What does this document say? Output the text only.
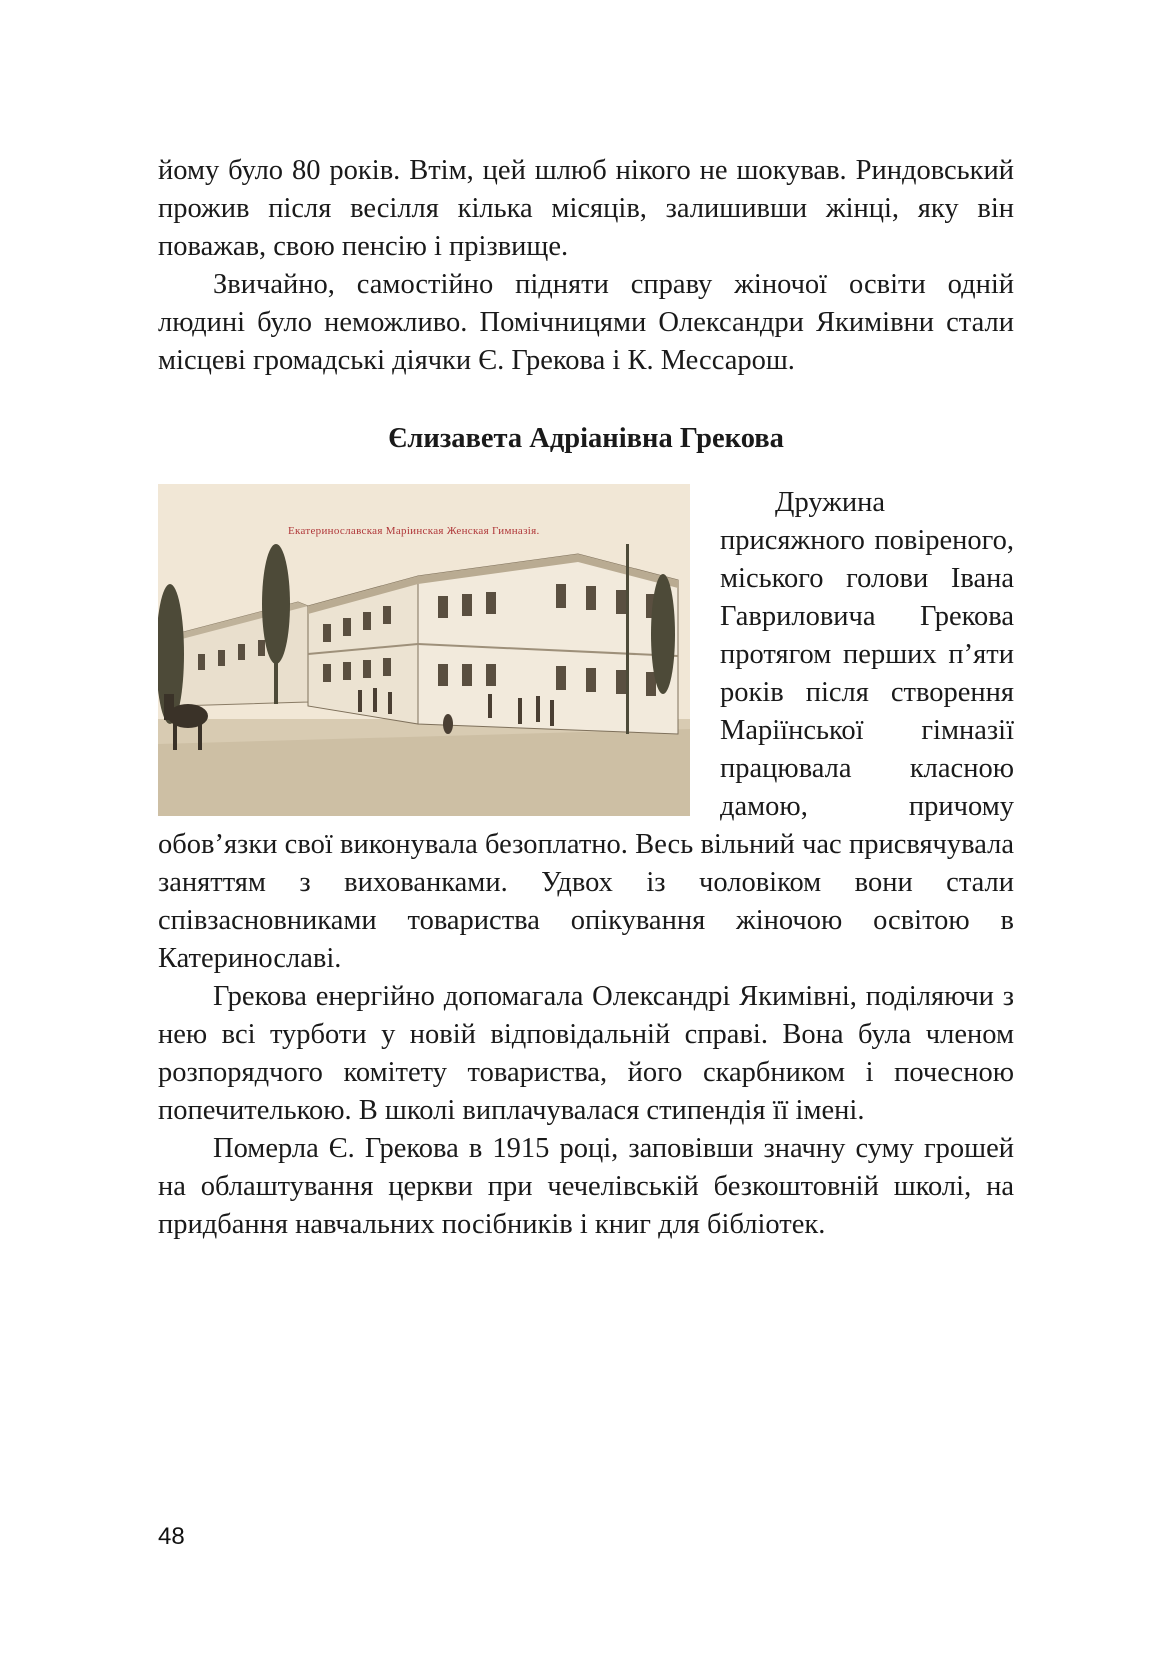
йому було 80 років. Втім, цей шлюб нікого не шокував. Риндовський прожив після весілля кілька місяців, залишивши жінці, яку він поважав, свою пенсію і прізвище.

Звичайно, самостійно підняти справу жіночої освіти одній людині було неможливо. Помічницями Олександри Якимівни стали місцеві громадські діячки Є. Грекова і К. Мессарош.

Єлизавета Адріанівна Грекова
Екатеринославская Маріинская Женская Гимназія.

Дружина присяжного повіреного, міського голови Івана Гавриловича Грекова протягом перших п’яти років після створення Маріїнської гімназії працювала класною дамою, причому обов’язки свої виконувала безоплатно. Весь вільний час присвячувала заняттям з вихованками. Удвох із чоловіком вони стали співзасновниками товариства опікування жіночою освітою в Катеринославі.

Грекова енергійно допомагала Олександрі Якимівні, поділяючи з нею всі турботи у новій відповідальній справі. Вона була членом розпорядчого комітету товариства, його скарбником і почесною попечителькою. В школі виплачувалася стипендія її імені.

Померла Є. Грекова в 1915 році, заповівши значну суму грошей на облаштування церкви при чечелівській безкоштовній школі, на придбання навчальних посібників і книг для бібліотек.

48
